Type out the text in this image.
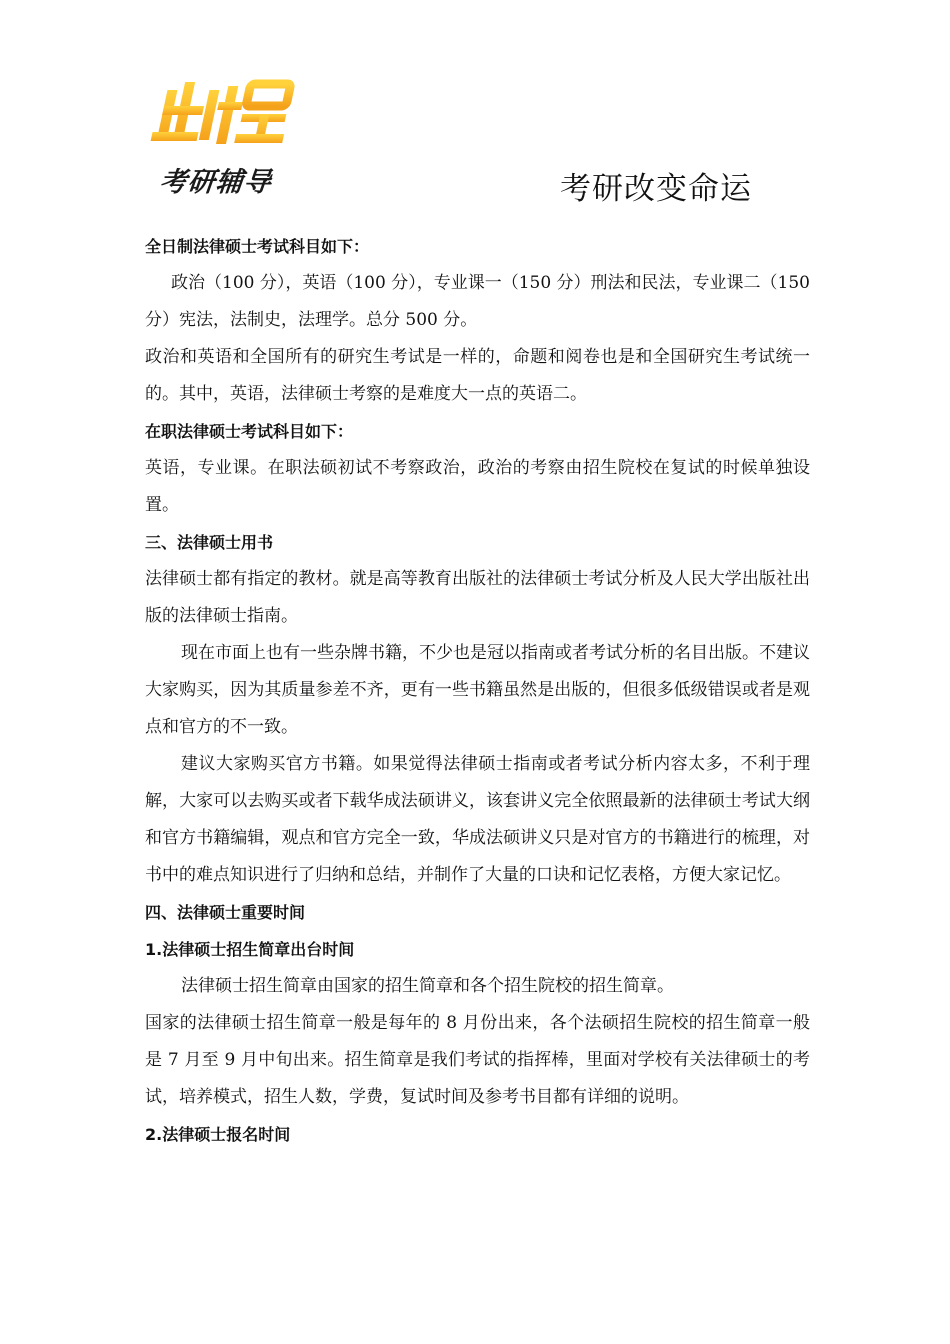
考研辅导	考研改变命运

全日制法律硕士考试科目如下：

政治（100 分），英语（100 分），专业课一（150 分）刑法和民法，专业课二（150 分）宪法，法制史，法理学。总分 500 分。

政治和英语和全国所有的研究生考试是一样的，命题和阅卷也是和全国研究生考试统一的。其中，英语，法律硕士考察的是难度大一点的英语二。

在职法律硕士考试科目如下：

英语，专业课。在职法硕初试不考察政治，政治的考察由招生院校在复试的时候单独设置。

三、法律硕士用书

法律硕士都有指定的教材。就是高等教育出版社的法律硕士考试分析及人民大学出版社出版的法律硕士指南。

现在市面上也有一些杂牌书籍，不少也是冠以指南或者考试分析的名目出版。不建议大家购买，因为其质量参差不齐，更有一些书籍虽然是出版的，但很多低级错误或者是观点和官方的不一致。

建议大家购买官方书籍。如果觉得法律硕士指南或者考试分析内容太多，不利于理解，大家可以去购买或者下载华成法硕讲义，该套讲义完全依照最新的法律硕士考试大纲和官方书籍编辑，观点和官方完全一致，华成法硕讲义只是对官方的书籍进行的梳理，对书中的难点知识进行了归纳和总结，并制作了大量的口诀和记忆表格，方便大家记忆。

四、法律硕士重要时间

1.法律硕士招生简章出台时间

法律硕士招生简章由国家的招生简章和各个招生院校的招生简章。

国家的法律硕士招生简章一般是每年的 8 月份出来，各个法硕招生院校的招生简章一般是 7 月至 9 月中旬出来。招生简章是我们考试的指挥棒，里面对学校有关法律硕士的考试，培养模式，招生人数，学费，复试时间及参考书目都有详细的说明。

2.法律硕士报名时间
